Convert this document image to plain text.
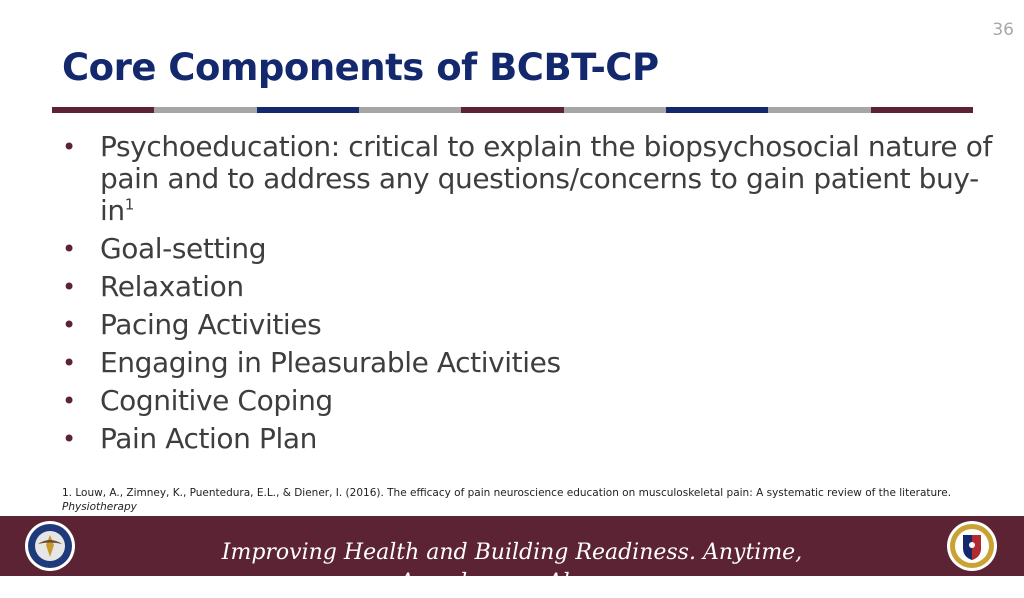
36
Core Components of BCBT-CP
• Psychoeducation: critical to explain the biopsychosocial nature of pain and to address any questions/concerns to gain patient buy-$in^1$
• Goal-setting
• Relaxation
• Pacing Activities
• Engaging in Pleasurable Activities
• Cognitive Coping
• Pain Action Plan
1. Louw, A., Zimney, K., Puentedura, E.L., & Diener, I. (2016). The efficacy of pain neuroscience education on musculoskeletal pain: A systematic review of the literature.
Physiotherapy
Improving Health and Building Readiness. Anytime, Anywhere — Always
